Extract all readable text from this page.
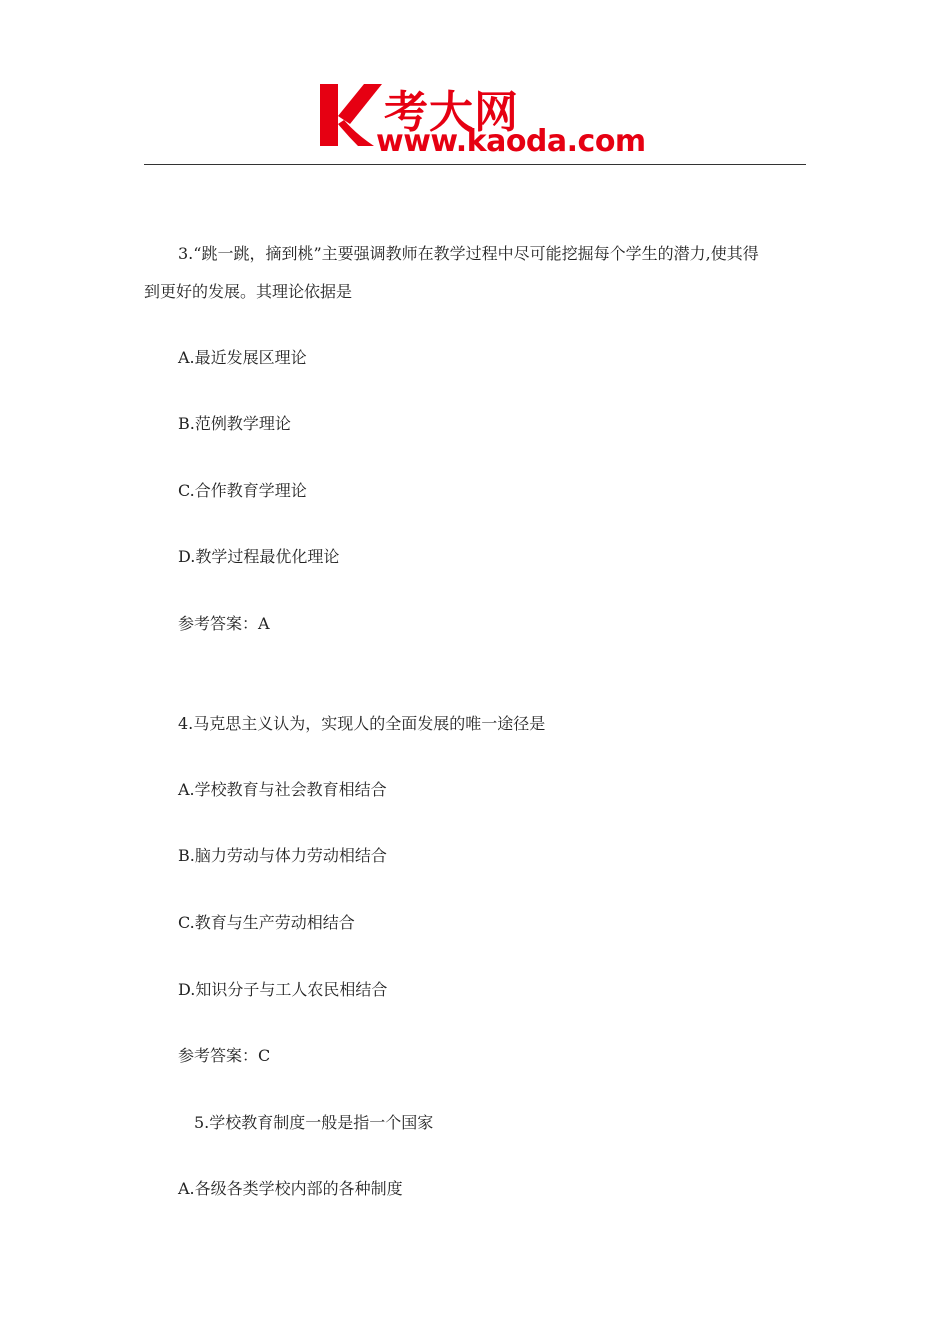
考大网
www.kaoda.com
3.“跳一跳，摘到桃”主要强调教师在教学过程中尽可能挖掘每个学生的潜力,使其得
到更好的发展。其理论依据是
A.最近发展区理论
B.范例教学理论
C.合作教育学理论
D.教学过程最优化理论
参考答案：A
4.马克思主义认为，实现人的全面发展的唯一途径是
A.学校教育与社会教育相结合
B.脑力劳动与体力劳动相结合
C.教育与生产劳动相结合
D.知识分子与工人农民相结合
参考答案：C
5.学校教育制度一般是指一个国家
A.各级各类学校内部的各种制度
